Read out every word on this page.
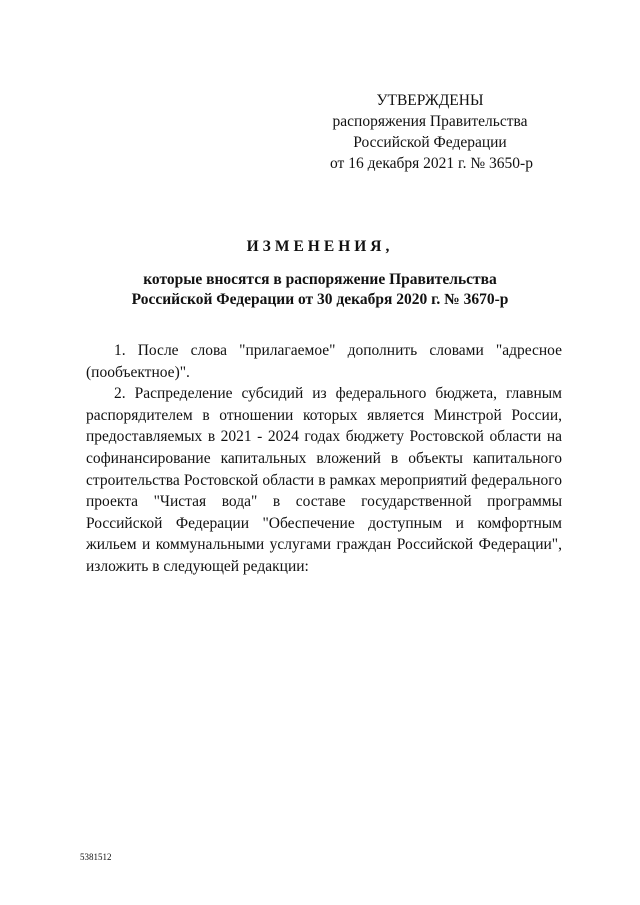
УТВЕРЖДЕНЫ
распоряжения Правительства
Российской Федерации
от 16 декабря 2021 г. № 3650-р
ИЗМЕНЕНИЯ,
которые вносятся в распоряжение Правительства
Российской Федерации от 30 декабря 2020 г. № 3670-р

1. После слова "прилагаемое" дополнить словами "адресное (пообъектное)".

2. Распределение субсидий из федерального бюджета, главным распорядителем в отношении которых является Минстрой России, предоставляемых в 2021 - 2024 годах бюджету Ростовской области на софинансирование капитальных вложений в объекты капитального строительства Ростовской области в рамках мероприятий федерального проекта "Чистая вода" в составе государственной программы Российской Федерации "Обеспечение доступным и комфортным жильем и коммунальными услугами граждан Российской Федерации", изложить в следующей редакции:

5381512
